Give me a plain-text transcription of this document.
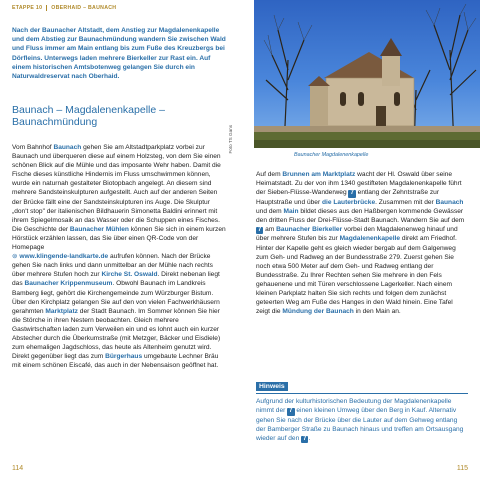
ETAPPE 10 OBERHAID – BAUNACH

Nach der Baunacher Altstadt, dem Anstieg zur Magdalenenkapelle und dem Abstieg zur Baunachmündung wandern Sie zwischen Wald und Fluss immer am Main entlang bis zum Fuße des Kreuzbergs bei Dörfleins. Unterwegs laden mehrere Bierkeller zur Rast ein. Auf einem historischen Amtsbotenweg gelangen Sie durch ein Naturwaldreservat nach Oberhaid.

Baunach – Magdalenenkapelle – Baunachmündung
Foto TS Gans

Vom Bahnhof Baunach gehen Sie am Altstadtparkplatz vorbei zur Baunach und überqueren diese auf einem Holzsteg, von dem Sie einen schönen Blick auf die Mühle und das imposante Wehr haben. Damit die Fische dieses künstliche Hindernis im Fluss umschwimmen können, wurde ein naturnah gestalteter Biotopbach angelegt. An diesem sind mehrere Sandsteinskulpturen aufgestellt. Auch auf der anderen Seiten der Brücke fällt eine der Sandsteinskulpturen ins Auge. Die Skulptur „don't stop" der italienischen Bildhauerin Simonetta Baldini erinnert mit ihrem Spiegelmosaik an das Wasser oder die Schuppen eines Fisches. Die Geschichte der Baunacher Mühlen können Sie sich in einem kurzen Hörstück erzählen lassen, das Sie über einen QR-Code von der Homepage
⊚ www.klingende-landkarte.de aufrufen können. Nach der Brücke gehen Sie nach links und dann unmittelbar an der Mühle nach rechts über mehrere Stufen hoch zur Kirche St. Oswald. Direkt nebenan liegt das Baunacher Krippenmuseum. Obwohl Baunach im Landkreis Bamberg liegt, gehört die Kirchengemeinde zum Würzburger Bistum.

Über den Kirchplatz gelangen Sie auf den von vielen Fachwerkhäusern gerahmten Marktplatz der Stadt Baunach. Im Sommer können Sie hier die Störche in ihren Nestern beobachten. Gleich mehrere Gastwirtschaften laden zum Verweilen ein und es lohnt auch ein kurzer Abstecher durch die Überkumstraße (mit Metzger, Bäcker und Eisdiele) zum ehemaligen Jagdschloss, das heute als Altenheim genutzt wird. Direkt gegenüber liegt das zum Bürgerhaus umgebaute Lechner Bräu mit einem schönen Eiscafé, das auch in der Nebensaison geöffnet hat.

114
Baunacher Magdalenenkapelle

Auf dem Brunnen am Marktplatz wacht der Hl. Oswald über seine Heimatstadt. Zu der von ihm 1340 gestifteten Magdalenenkapelle führt der Sieben-Flüsse-Wanderweg 7 entlang der Zehntstraße zur Hauptstraße und über die Lauterbrücke. Zusammen mit der Baunach und dem Main bildet dieses aus den Haßbergen kommende Gewässer den dritten Fluss der Drei-Flüsse-Stadt Baunach. Wandern Sie auf dem 7 am Baunacher Bierkeller vorbei den Magdalenenweg hinauf und über mehrere Stufen bis zur Magdalenenkapelle direkt am Friedhof. Hinter der Kapelle geht es gleich wieder bergab auf dem Galgenweg zum Geh- und Radweg an der Bundesstraße 279. Zuerst gehen Sie noch etwa 500 Meter auf dem Geh- und Radweg entlang der Bundesstraße. Zu Ihrer Rechten sehen Sie mehrere in den Fels gehauenene und mit Türen verschlossene Lagerkeller. Nach einem kleinen Parkplatz halten Sie sich rechts und folgen dem zunächst geteerten Weg am Fuße des Hanges in den Wald hinein. Eine Tafel zeigt die Mündung der Baunach in den Main an.

Hinweis

Aufgrund der kulturhistorischen Bedeutung der Magdalenenkapelle nimmt der 7 einen kleinen Umweg über den Berg in Kauf. Alternativ gehen Sie nach der Brücke über die Lauter auf dem Gehweg entlang der Bamberger Straße zu Baunach hinaus und treffen am Ortsausgang wieder auf den 7 .

115
